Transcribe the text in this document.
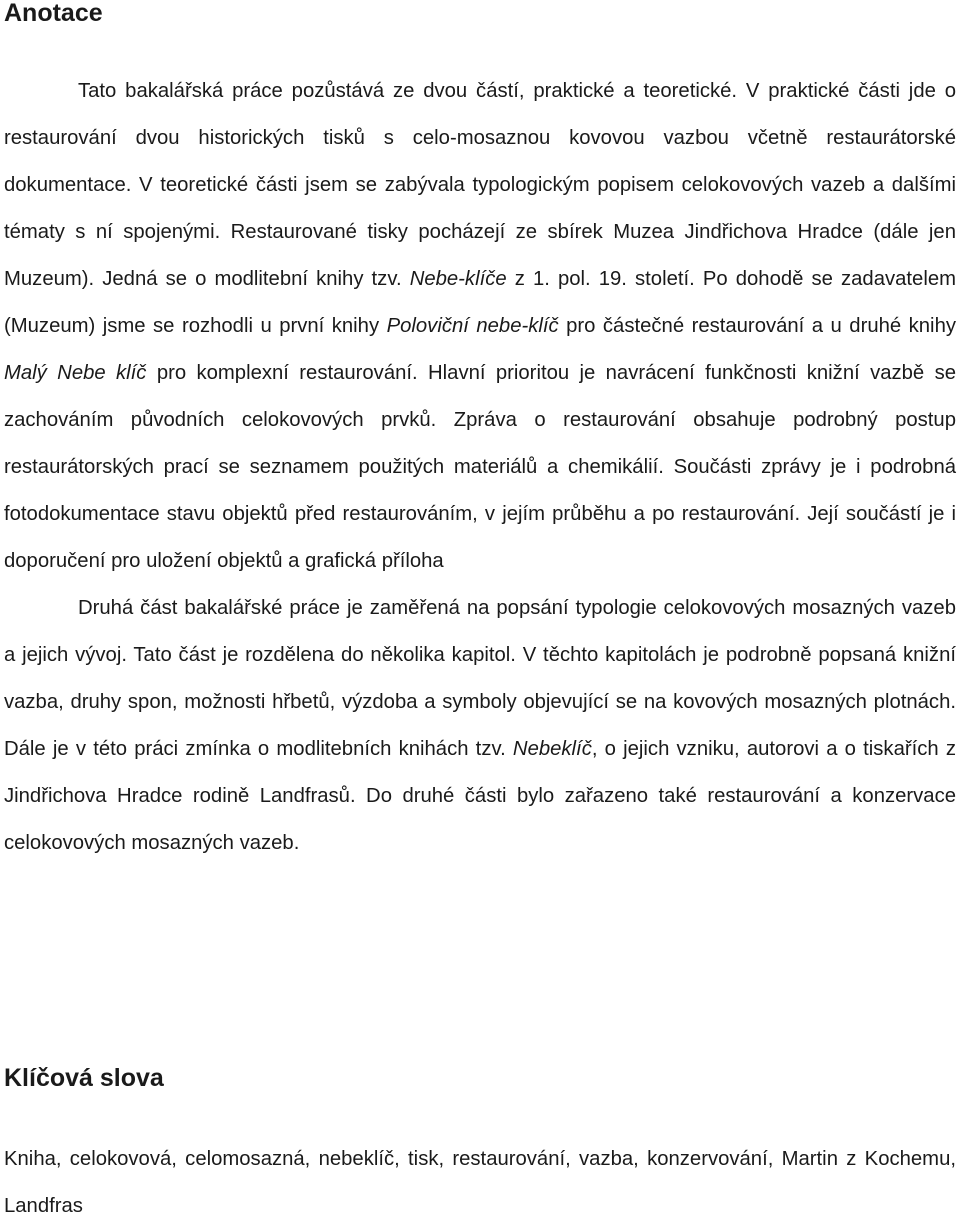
Anotace

Tato bakalářská práce pozůstává ze dvou částí, praktické a teoretické. V praktické části jde o restaurování dvou historických tisků s celo-mosaznou kovovou vazbou včetně restaurátorské dokumentace. V teoretické části jsem se zabývala typologickým popisem celokovových vazeb a dalšími tématy s ní spojenými. Restaurované tisky pocházejí ze sbírek Muzea Jindřichova Hradce (dále jen Muzeum). Jedná se o modlitební knihy tzv. Nebe-klíče z 1. pol. 19. století. Po dohodě se zadavatelem (Muzeum) jsme se rozhodli u první knihy Poloviční nebe-klíč pro částečné restaurování a u druhé knihy Malý Nebe klíč pro komplexní restaurování. Hlavní prioritou je navrácení funkčnosti knižní vazbě se zachováním původních celokovových prvků. Zpráva o restaurování obsahuje podrobný postup restaurátorských prací se seznamem použitých materiálů a chemikálií. Součásti zprávy je i podrobná fotodokumentace stavu objektů před restaurováním, v jejím průběhu a po restaurování. Její součástí je i doporučení pro uložení objektů a grafická příloha

Druhá část bakalářské práce je zaměřená na popsání typologie celokovových mosazných vazeb a jejich vývoj. Tato část je rozdělena do několika kapitol. V těchto kapitolách je podrobně popsaná knižní vazba, druhy spon, možnosti hřbetů, výzdoba a symboly objevující se na kovových mosazných plotnách. Dále je v této práci zmínka o modlitebních knihách tzv. Nebeklíč, o jejich vzniku, autorovi a o tiskařích z Jindřichova Hradce rodině Landfrasů. Do druhé části bylo zařazeno také restaurování a konzervace celokovových mosazných vazeb.

Klíčová slova

Kniha, celokovová, celomosazná, nebeklíč, tisk, restaurování, vazba, konzervování, Martin z Kochemu, Landfras
